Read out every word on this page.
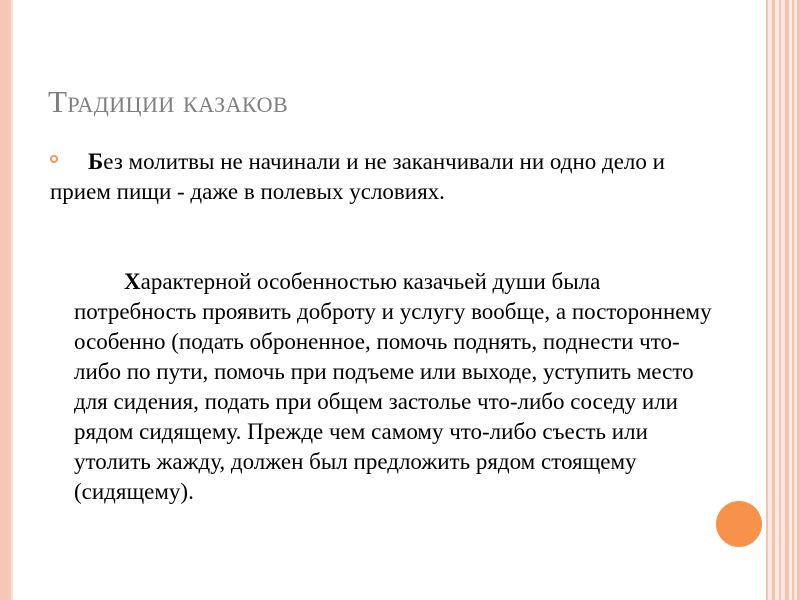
Традиции казаков

Без молитвы не начинали и не заканчивали ни одно дело и прием пищи - даже в полевых условиях.

Характерной особенностью казачьей души была потребность проявить доброту и услугу вообще, а постороннему особенно (подать оброненное, помочь поднять, поднести что-либо по пути, помочь при подъеме или выходе, уступить место для сидения, подать при общем застолье что-либо соседу или рядом сидящему. Прежде чем самому что-либо съесть или утолить жажду, должен был предложить рядом стоящему (сидящему).
